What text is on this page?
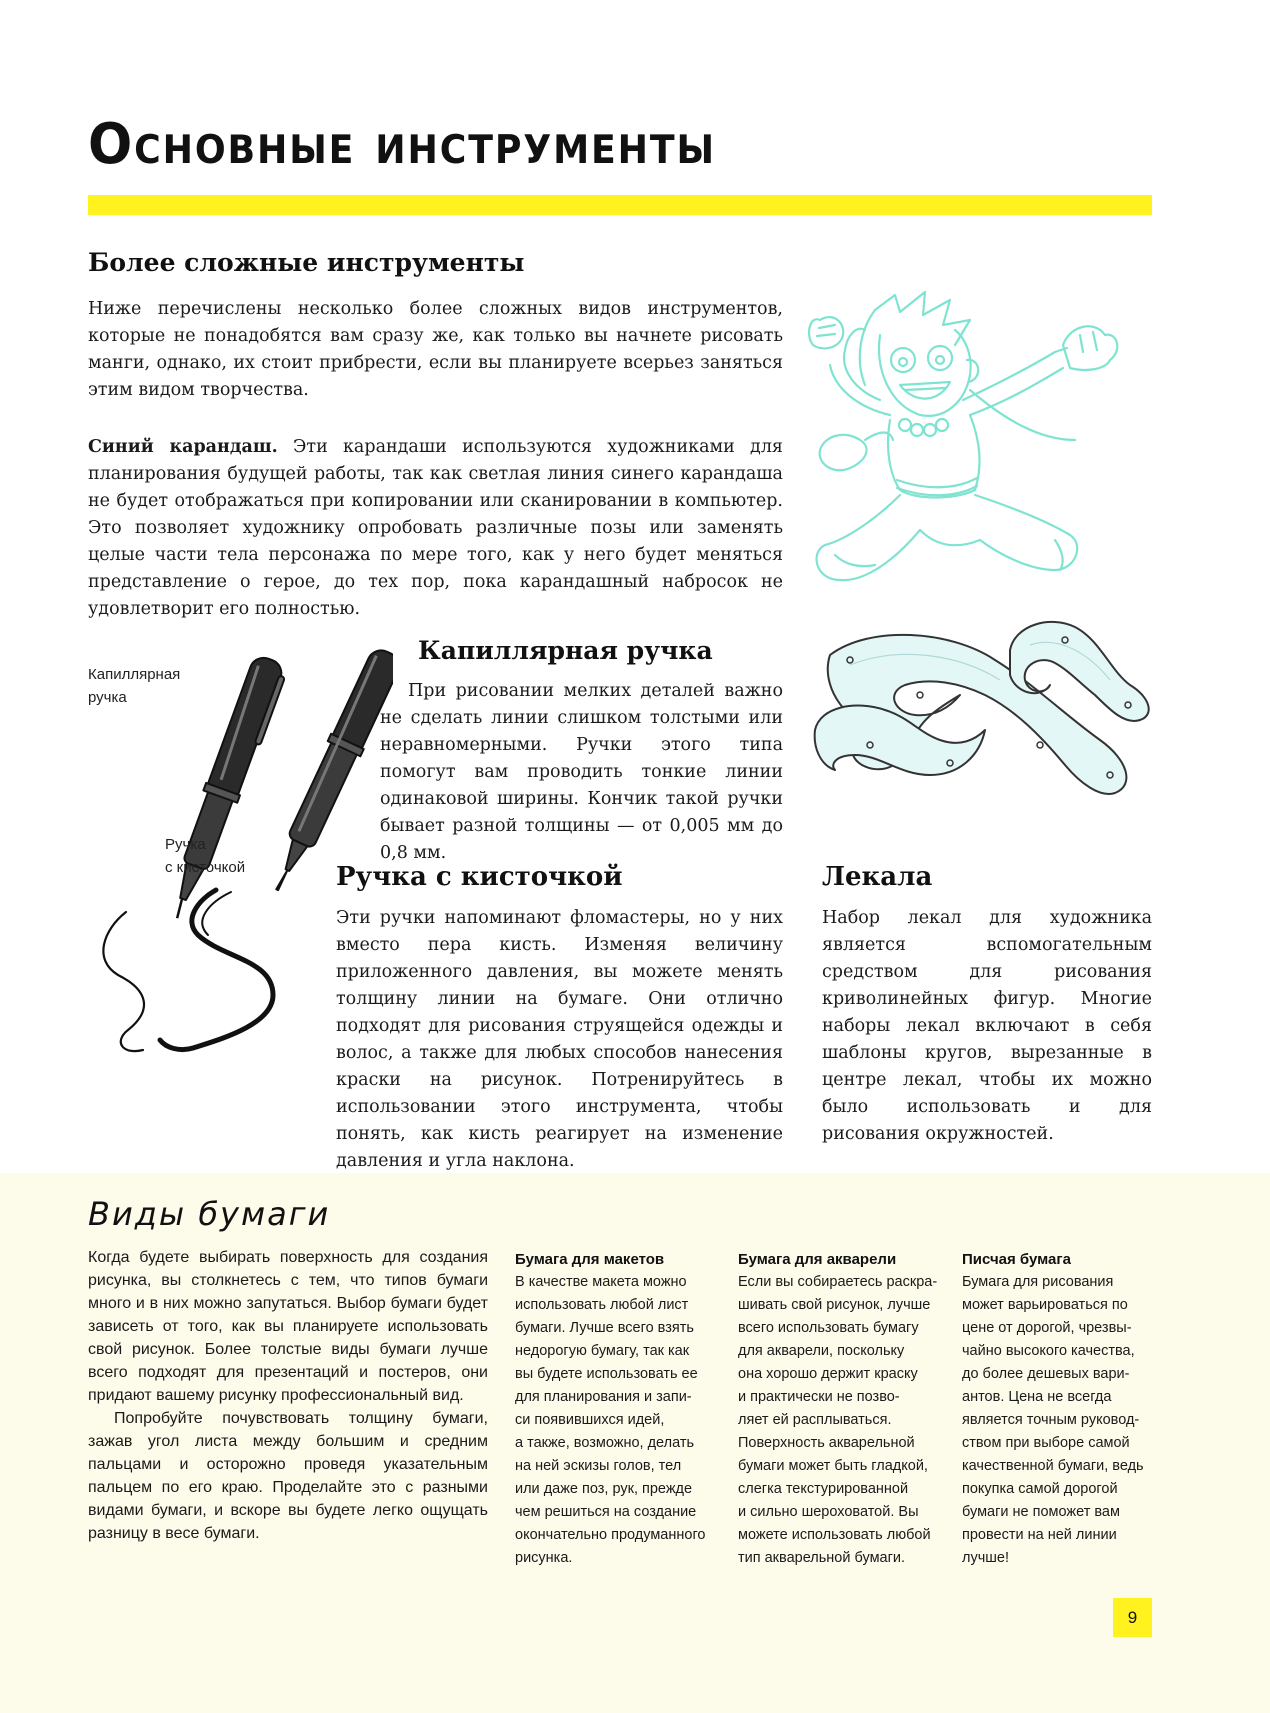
Основные инструменты
Более сложные инструменты

Ниже перечислены несколько более сложных видов инструментов, которые не понадобятся вам сразу же, как только вы начнете рисовать манги, однако, их стоит прибрести, если вы планируете всерьез заняться этим видом творчества.

Синий карандаш. Эти карандаши используются художниками для планирования будущей работы, так как светлая линия синего карандаша не будет отображаться при копировании или сканировании в компьютер. Это позволяет художнику опробовать различные позы или заменять целые части тела персонажа по мере того, как у него будет меняться представление о герое, до тех пор, пока карандашный набросок не удовлетворит его полностью.

Капиллярная
ручка
Ручка
с кисточкой
Капиллярная ручка

При рисовании мелких деталей важно не сделать линии слишком толстыми или неравномерными. Ручки этого типа помогут вам проводить тонкие линии одинаковой ширины. Кончик такой ручки бывает разной толщины — от 0,005 мм до 0,8 мм.

Ручка с кисточкой

Эти ручки напоминают фломастеры, но у них вместо пера кисть. Изменяя величину приложенного давления, вы можете менять толщину линии на бумаге. Они отлично подходят для рисования струящейся одежды и волос, а также для любых способов нанесения краски на рисунок. Потренируйтесь в использовании этого инструмента, чтобы понять, как кисть реагирует на изменение давления и угла наклона.

Лекала

Набор лекал для художника является вспомогательным средством для рисования криволинейных фигур. Многие наборы лекал включают в себя шаблоны кругов, вырезанные в центре лекал, чтобы их можно было использовать и для рисования окружностей.

Виды бумаги

Когда будете выбирать поверхность для создания рисунка, вы столкнетесь с тем, что типов бумаги много и в них можно запутаться. Выбор бумаги будет зависеть от того, как вы планируете использовать свой рисунок. Более толстые виды бумаги лучше всего подходят для презентаций и постеров, они придают вашему рисунку профессиональный вид.

Попробуйте почувствовать толщину бумаги, зажав угол листа между большим и средним пальцами и осторожно проведя указательным пальцем по его краю. Проделайте это с разными видами бумаги, и вскоре вы будете легко ощущать разницу в весе бумаги.

Бумага для макетов
В качестве макета можно
использовать любой лист
бумаги. Лучше всего взять
недорогую бумагу, так как
вы будете использовать ее
для планирования и запи-
си появившихся идей,
а также, возможно, делать
на ней эскизы голов, тел
или даже поз, рук, прежде
чем решиться на создание
окончательно продуманного
рисунка.
Бумага для акварели
Если вы собираетесь раскра-
шивать свой рисунок, лучше
всего использовать бумагу
для акварели, поскольку
она хорошо держит краску
и практически не позво-
ляет ей расплываться.
Поверхность акварельной
бумаги может быть гладкой,
слегка текстурированной
и сильно шероховатой. Вы
можете использовать любой
тип акварельной бумаги.
Писчая бумага
Бумага для рисования
может варьироваться по
цене от дорогой, чрезвы-
чайно высокого качества,
до более дешевых вари-
антов. Цена не всегда
является точным руковод-
ством при выборе самой
качественной бумаги, ведь
покупка самой дорогой
бумаги не поможет вам
провести на ней линии
лучше!
9
